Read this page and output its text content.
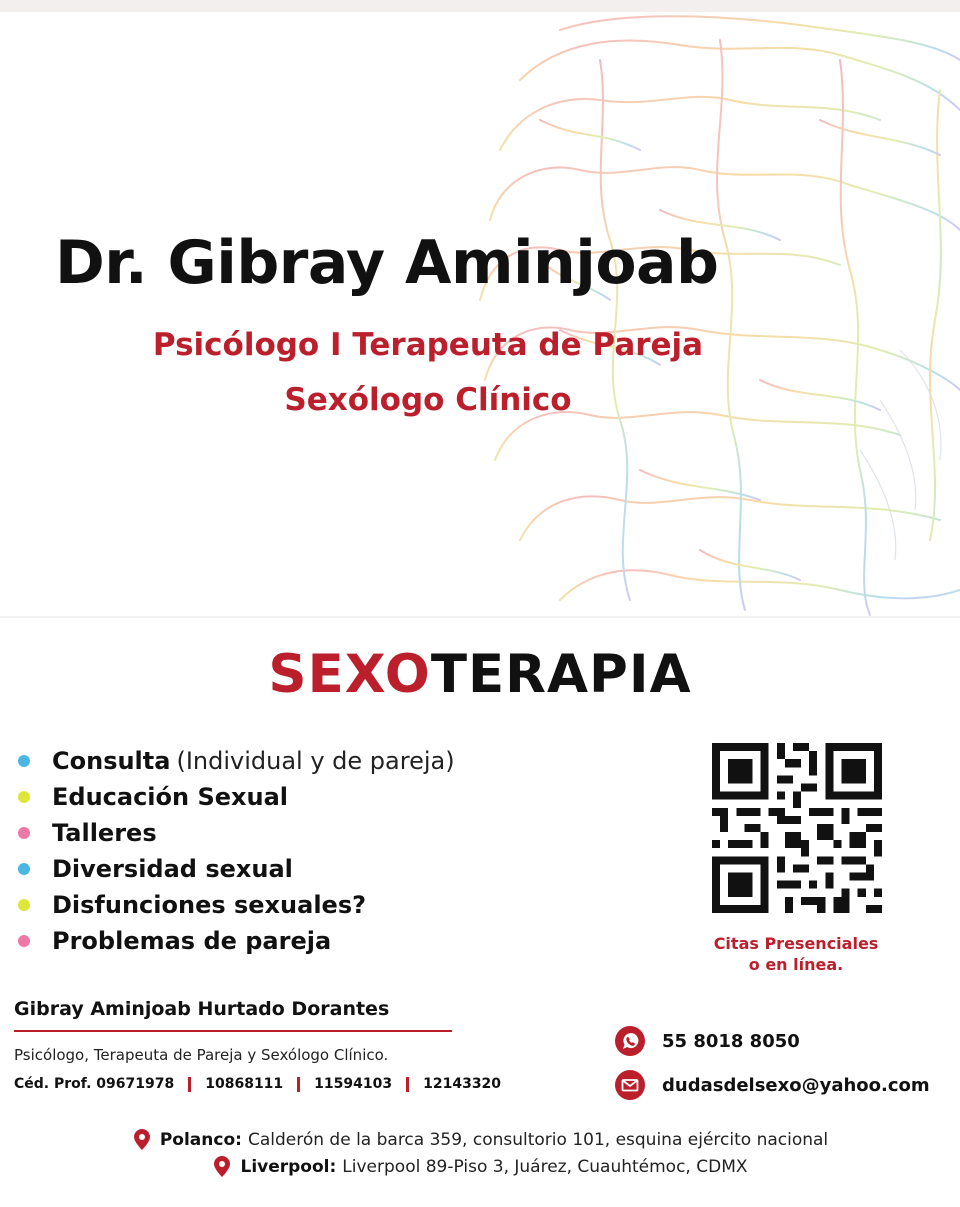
Dr. Gibray Aminjoab
Psicólogo I Terapeuta de Pareja
Sexólogo Clínico
SEXOTERAPIA
Consulta (Individual y de pareja)
Educación Sexual
Talleres
Diversidad sexual
Disfunciones sexuales?
Problemas de pareja	Citas Presenciales
o en línea.
Gibray Aminjoab Hurtado Dorantes
Psicólogo, Terapeuta de Pareja y Sexólogo Clínico.
Céd. Prof.
09671978 10868111 11594103 12143320
55 8018 8050
dudasdelsexo@yahoo.com
Polanco: Calderón de la barca 359, consultorio 101, esquina ejército nacional
Liverpool: Liverpool 89-Piso 3, Juárez, Cuauhtémoc, CDMX
